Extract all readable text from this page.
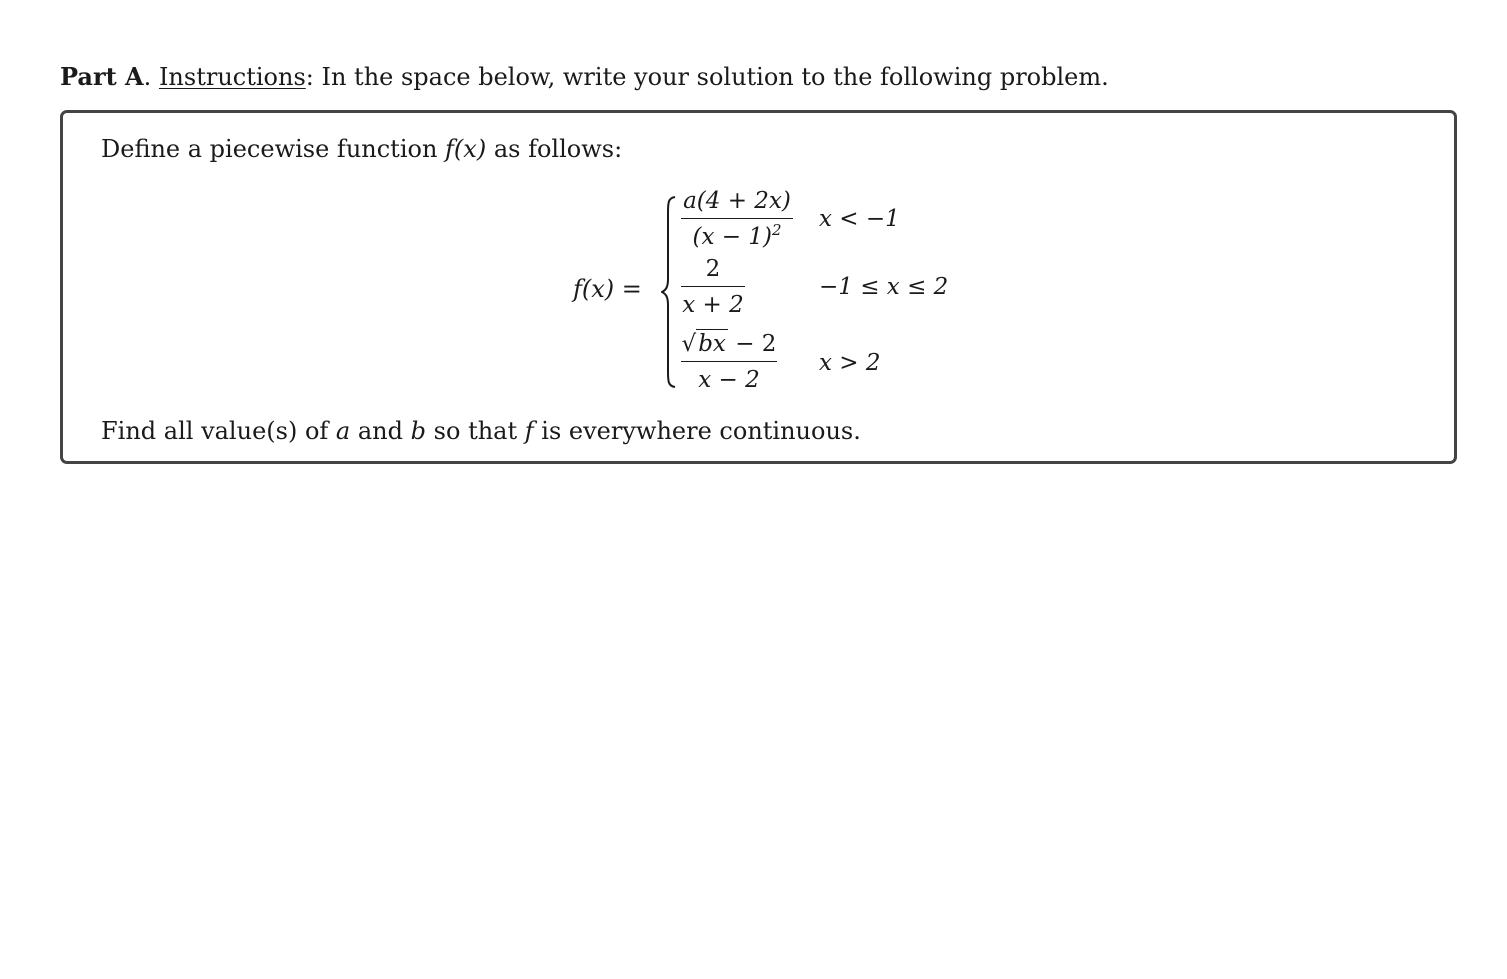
Part A. Instructions: In the space below, write your solution to the following problem.
Define a piecewise function f(x) as follows:
f(x) =
a(4 + 2x)
$(x - 1)^2$	x < −1
2
x + 2
−1 ≤ x ≤ 2
√bx − 2
x − 2
x > 2
Find all value(s) of a and b so that f is everywhere continuous.
